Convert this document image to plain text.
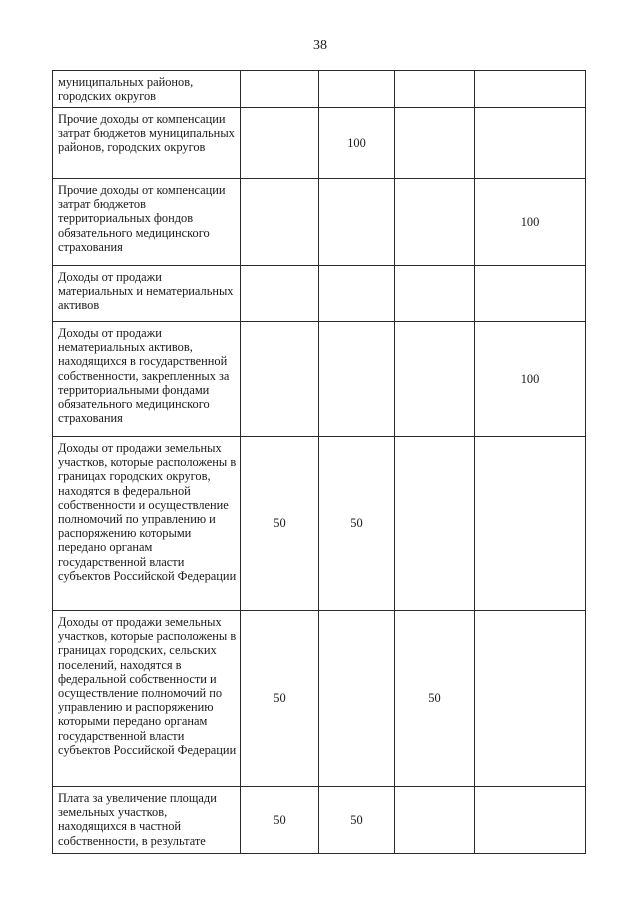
38
муниципальных районов, городских округов				
Прочие доходы от компенсации затрат бюджетов муниципальных районов, городских округов		100		
Прочие доходы от компенсации затрат бюджетов территориальных фондов обязательного медицинского страхования				100
Доходы от продажи материальных и нематериальных активов				
Доходы от продажи нематериальных активов, находящихся в государственной собственности, закрепленных за территориальными фондами обязательного медицинского страхования				100
Доходы от продажи земельных участков, которые расположены в границах городских округов, находятся в федеральной собственности и осуществление полномочий по управлению и распоряжению которыми передано органам государственной власти субъектов Российской Федерации	50	50		
Доходы от продажи земельных участков, которые расположены в границах городских, сельских поселений, находятся в федеральной собственности и осуществление полномочий по управлению и распоряжению которыми передано органам государственной власти субъектов Российской Федерации	50		50	
Плата за увеличение площади земельных участков, находящихся в частной собственности, в результате	50	50		
